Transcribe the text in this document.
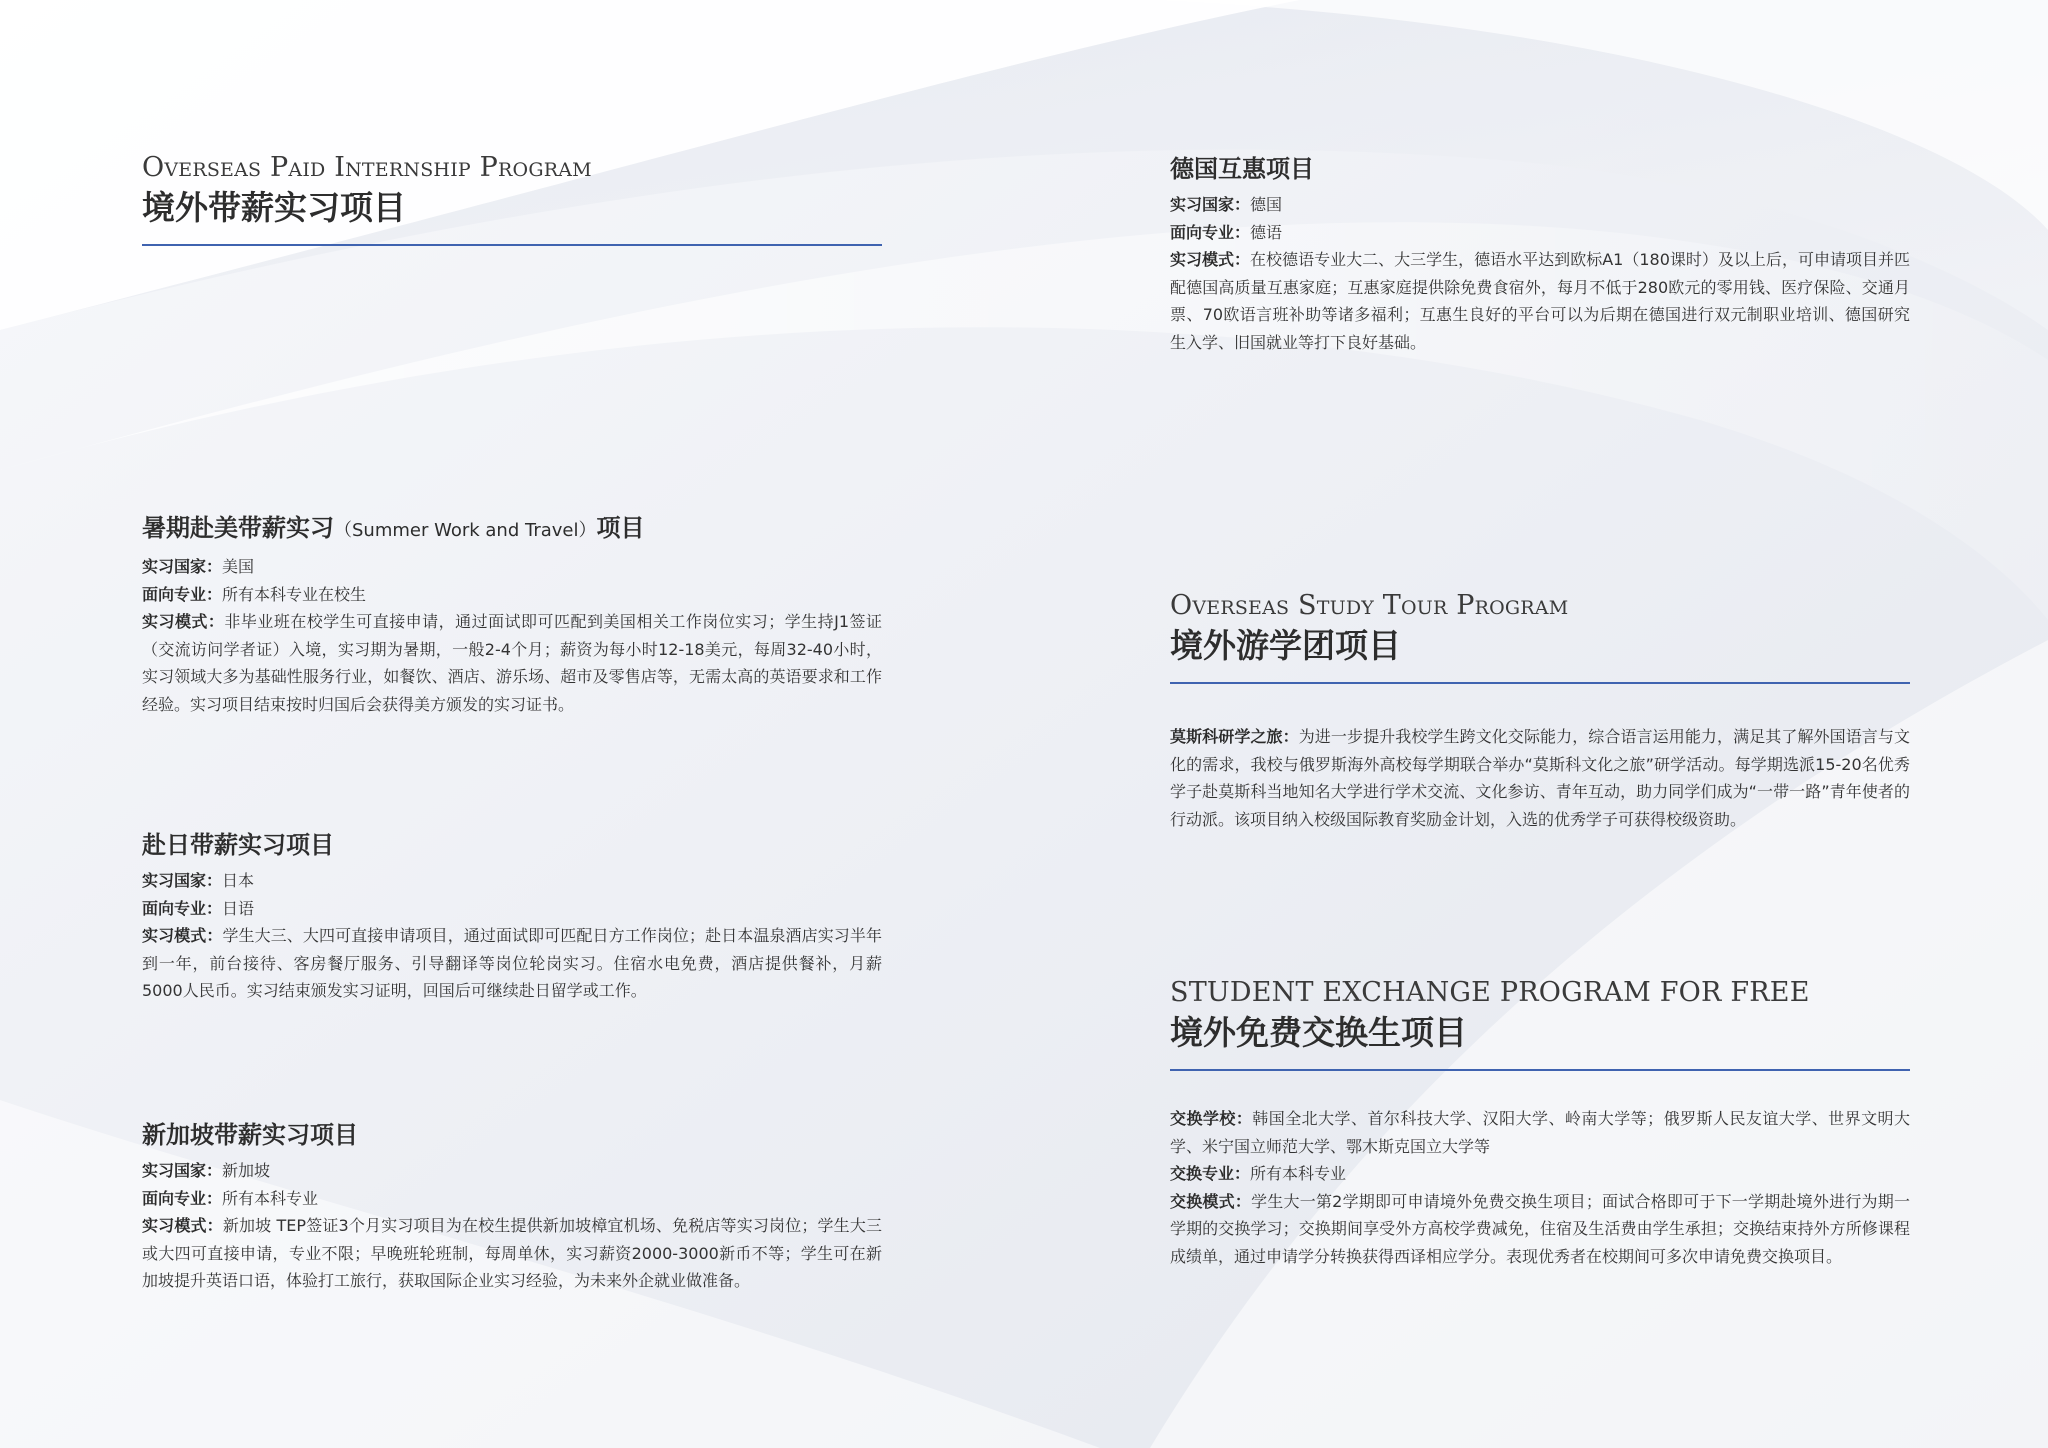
Overseas Paid Internship Program
境外带薪实习项目
暑期赴美带薪实习（Summer Work and Travel）项目

实习国家：美国

面向专业：所有本科专业在校生

实习模式：非毕业班在校学生可直接申请，通过面试即可匹配到美国相关工作岗位实习；学生持J1签证（交流访问学者证）入境，实习期为暑期，一般2-4个月；薪资为每小时12-18美元，每周32-40小时，实习领域大多为基础性服务行业，如餐饮、酒店、游乐场、超市及零售店等，无需太高的英语要求和工作经验。实习项目结束按时归国后会获得美方颁发的实习证书。

赴日带薪实习项目

实习国家：日本

面向专业：日语

实习模式：学生大三、大四可直接申请项目，通过面试即可匹配日方工作岗位；赴日本温泉酒店实习半年到一年，前台接待、客房餐厅服务、引导翻译等岗位轮岗实习。住宿水电免费，酒店提供餐补，月薪5000人民币。实习结束颁发实习证明，回国后可继续赴日留学或工作。

新加坡带薪实习项目

实习国家：新加坡

面向专业：所有本科专业

实习模式：新加坡 TEP签证3个月实习项目为在校生提供新加坡樟宜机场、免税店等实习岗位；学生大三或大四可直接申请，专业不限；早晚班轮班制，每周单休，实习薪资2000-3000新币不等；学生可在新加坡提升英语口语，体验打工旅行，获取国际企业实习经验，为未来外企就业做准备。

德国互惠项目

实习国家：德国

面向专业：德语

实习模式：在校德语专业大二、大三学生，德语水平达到欧标A1（180课时）及以上后，可申请项目并匹配德国高质量互惠家庭；互惠家庭提供除免费食宿外，每月不低于280欧元的零用钱、医疗保险、交通月票、70欧语言班补助等诸多福利；互惠生良好的平台可以为后期在德国进行双元制职业培训、德国研究生入学、旧国就业等打下良好基础。

Overseas Study Tour Program
境外游学团项目

莫斯科研学之旅：为进一步提升我校学生跨文化交际能力，综合语言运用能力，满足其了解外国语言与文化的需求，我校与俄罗斯海外高校每学期联合举办“莫斯科文化之旅”研学活动。每学期选派15-20名优秀学子赴莫斯科当地知名大学进行学术交流、文化参访、青年互动，助力同学们成为“一带一路”青年使者的行动派。该项目纳入校级国际教育奖励金计划，入选的优秀学子可获得校级资助。

STUDENT EXCHANGE PROGRAM FOR FREE
境外免费交换生项目

交换学校：韩国全北大学、首尔科技大学、汉阳大学、岭南大学等；俄罗斯人民友谊大学、世界文明大学、米宁国立师范大学、鄂木斯克国立大学等

交换专业：所有本科专业

交换模式：学生大一第2学期即可申请境外免费交换生项目；面试合格即可于下一学期赴境外进行为期一学期的交换学习；交换期间享受外方高校学费减免，住宿及生活费由学生承担；交换结束持外方所修课程成绩单，通过申请学分转换获得西译相应学分。表现优秀者在校期间可多次申请免费交换项目。
